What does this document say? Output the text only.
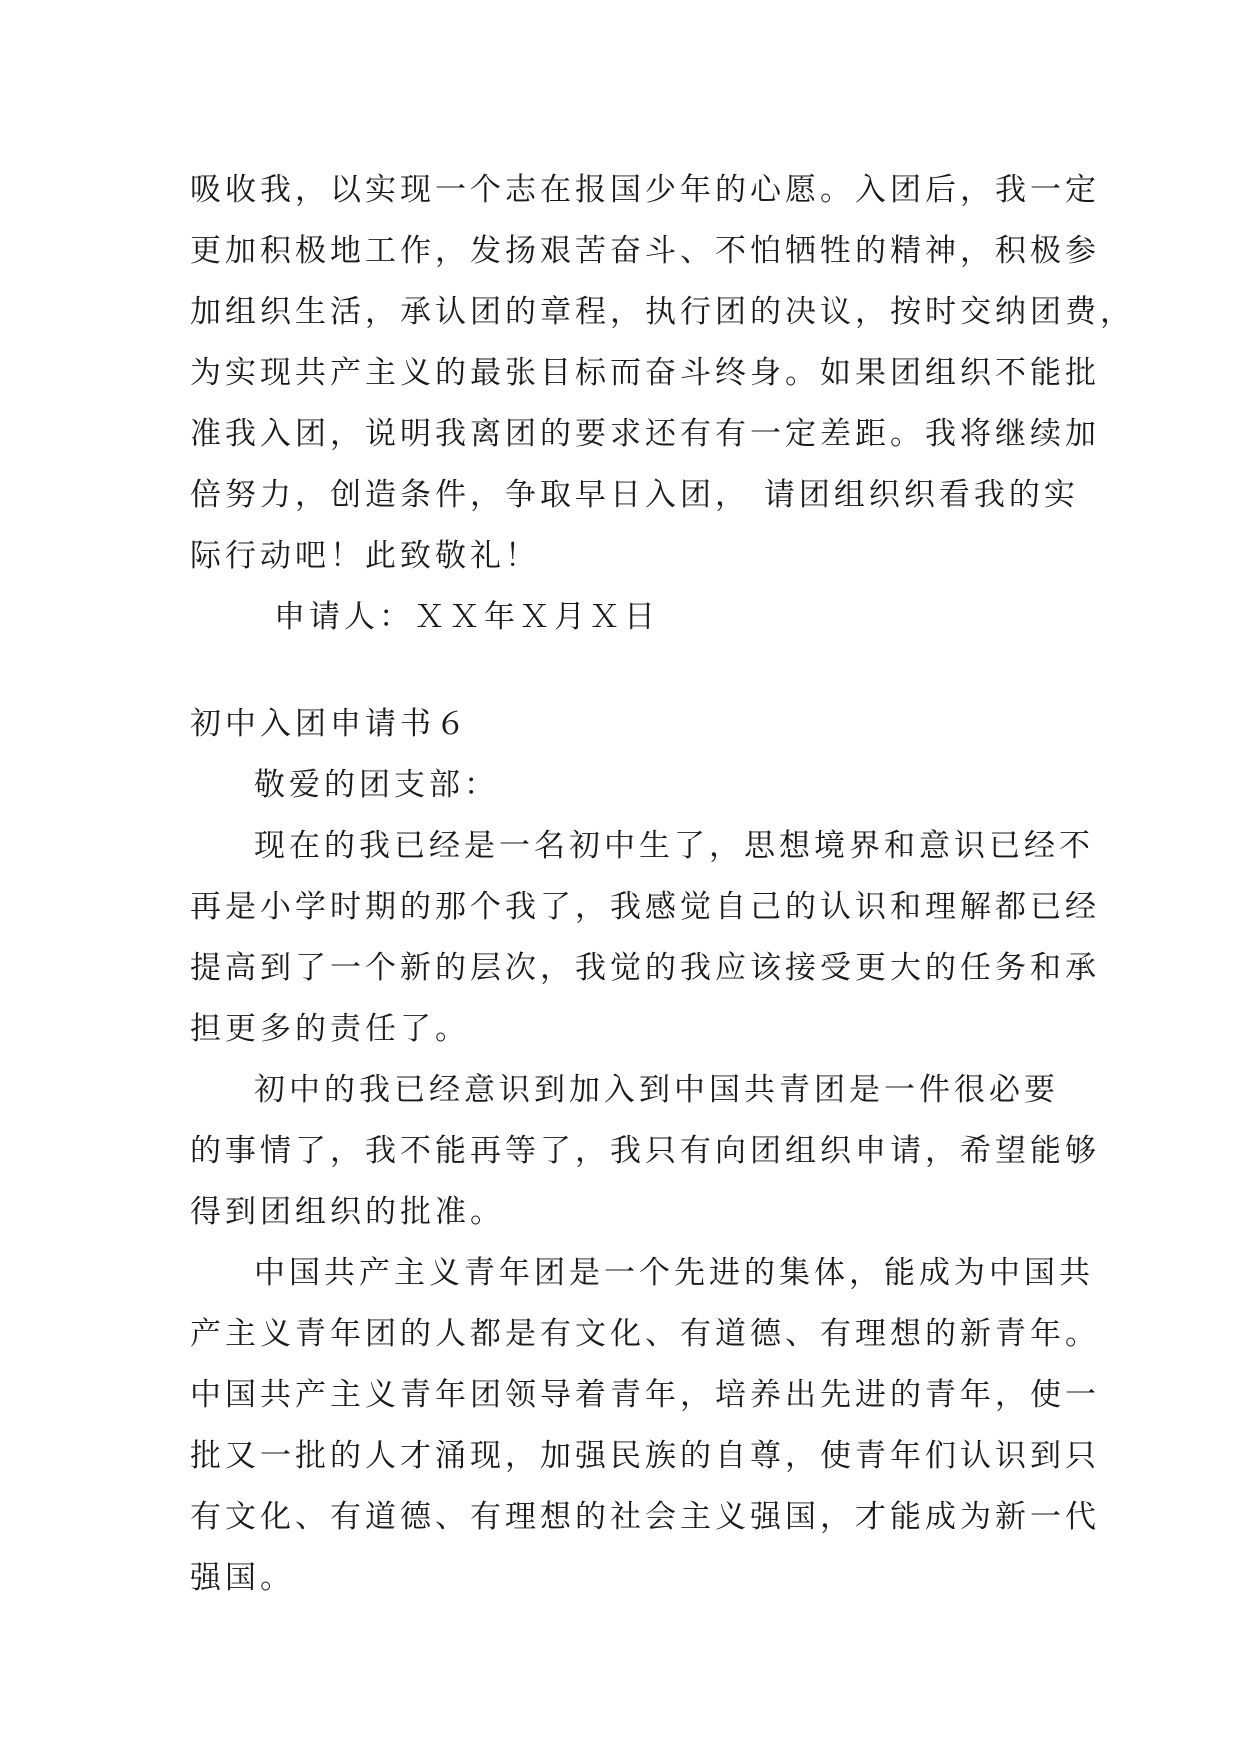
吸收我，以实现一个志在报国少年的心愿。入团后，我一定
更加积极地工作，发扬艰苦奋斗、不怕牺牲的精神，积极参
加组织生活，承认团的章程，执行团的决议，按时交纳团费，
为实现共产主义的最张目标而奋斗终身。如果团组织不能批
准我入团，说明我离团的要求还有有一定差距。我将继续加
倍努力，创造条件，争取早日入团， 请团组织织看我的实
际行动吧！此致敬礼！
申请人：ＸＸ年Ｘ月Ｘ日
初中入团申请书６
敬爱的团支部：
现在的我已经是一名初中生了，思想境界和意识已经不
再是小学时期的那个我了，我感觉自己的认识和理解都已经
提高到了一个新的层次，我觉的我应该接受更大的任务和承
担更多的责任了。
初中的我已经意识到加入到中国共青团是一件很必要
的事情了，我不能再等了，我只有向团组织申请，希望能够
得到团组织的批准。
中国共产主义青年团是一个先进的集体，能成为中国共
产主义青年团的人都是有文化、有道德、有理想的新青年。
中国共产主义青年团领导着青年，培养出先进的青年，使一
批又一批的人才涌现，加强民族的自尊，使青年们认识到只
有文化、有道德、有理想的社会主义强国，才能成为新一代
强国。
